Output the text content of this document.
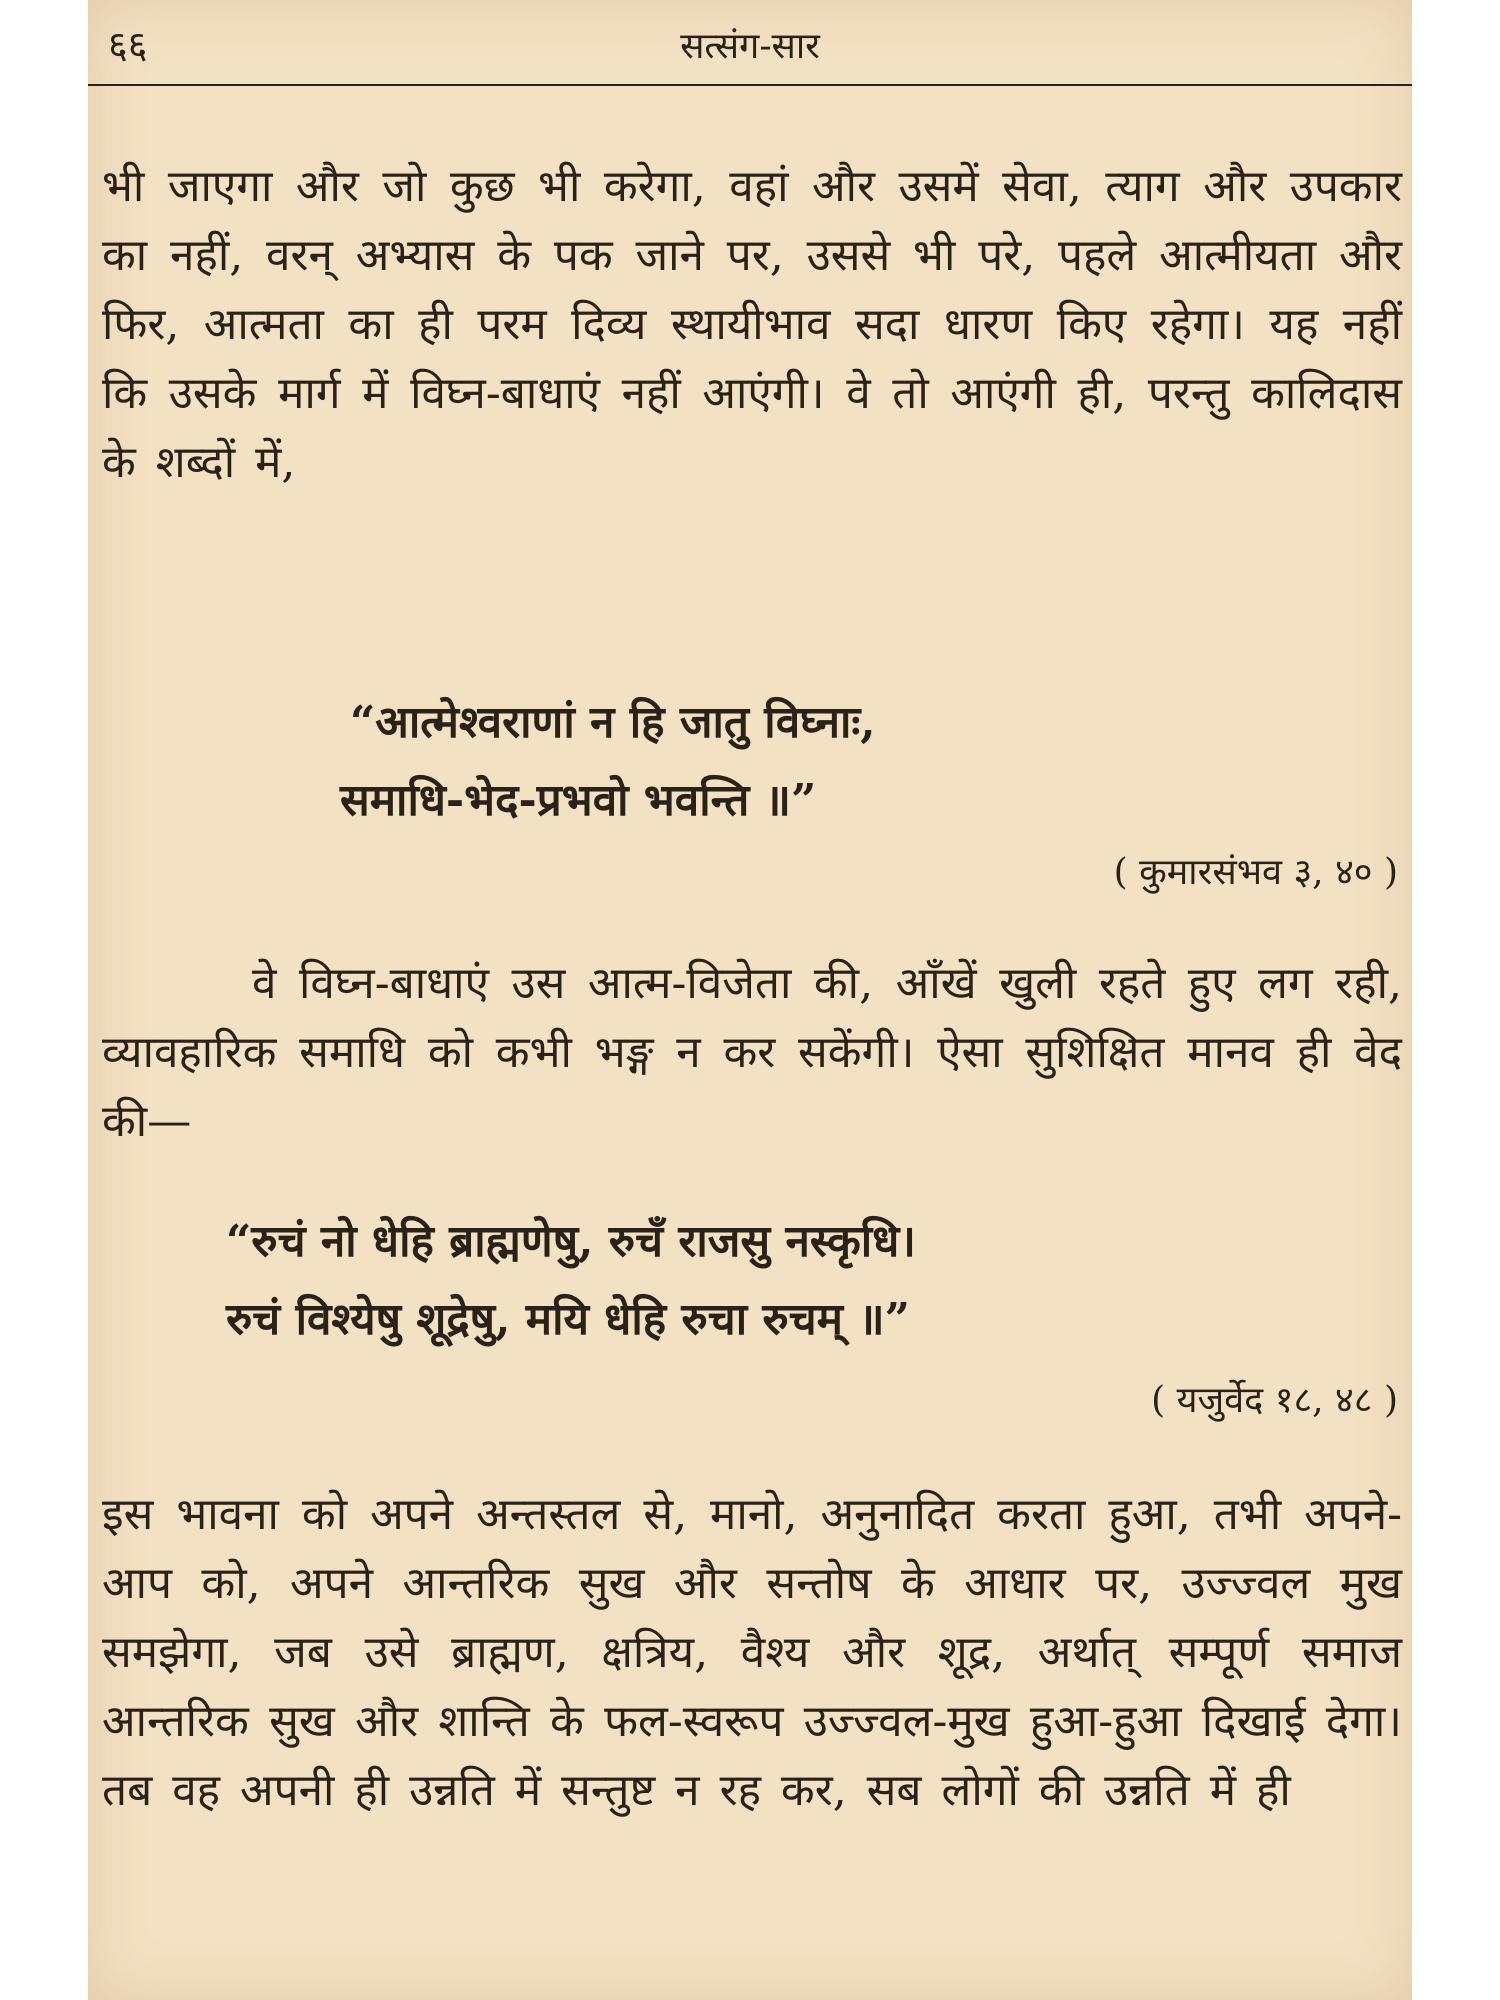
६६	सत्संग-सार

भी जाएगा और जो कुछ भी करेगा, वहां और उसमें सेवा, त्याग और उपकार का नहीं, वरन् अभ्यास के पक जाने पर, उससे भी परे, पहले आत्मीयता और फिर, आत्मता का ही परम दिव्य स्थायीभाव सदा धारण किए रहेगा। यह नहीं कि उसके मार्ग में विघ्न-बाधाएं नहीं आएंगी। वे तो आएंगी ही, परन्तु कालिदास के शब्दों में,

“आत्मेश्वराणां न हि जातु विघ्नाः,

समाधि-भेद-प्रभवो भवन्ति ॥”

( कुमारसंभव ३, ४० )

वे विघ्न-बाधाएं उस आत्म-विजेता की, आँखें खुली रहते हुए लग रही, व्यावहारिक समाधि को कभी भङ्ग न कर सकेंगी। ऐसा सुशिक्षित मानव ही वेद की—

“रुचं नो धेहि ब्राह्मणेषु, रुचँ राजसु नस्कृधि।

रुचं विश्येषु शूद्रेषु, मयि धेहि रुचा रुचम् ॥”

( यजुर्वेद १८, ४८ )

इस भावना को अपने अन्तस्तल से, मानो, अनुनादित करता हुआ, तभी अपने-आप को, अपने आन्तरिक सुख और सन्तोष के आधार पर, उज्ज्वल मुख समझेगा, जब उसे ब्राह्मण, क्षत्रिय, वैश्य और शूद्र, अर्थात् सम्पूर्ण समाज आन्तरिक सुख और शान्ति के फल-स्वरूप उज्ज्वल-मुख हुआ-हुआ दिखाई देगा। तब वह अपनी ही उन्नति में सन्तुष्ट न रह कर, सब लोगों की उन्नति में ही
